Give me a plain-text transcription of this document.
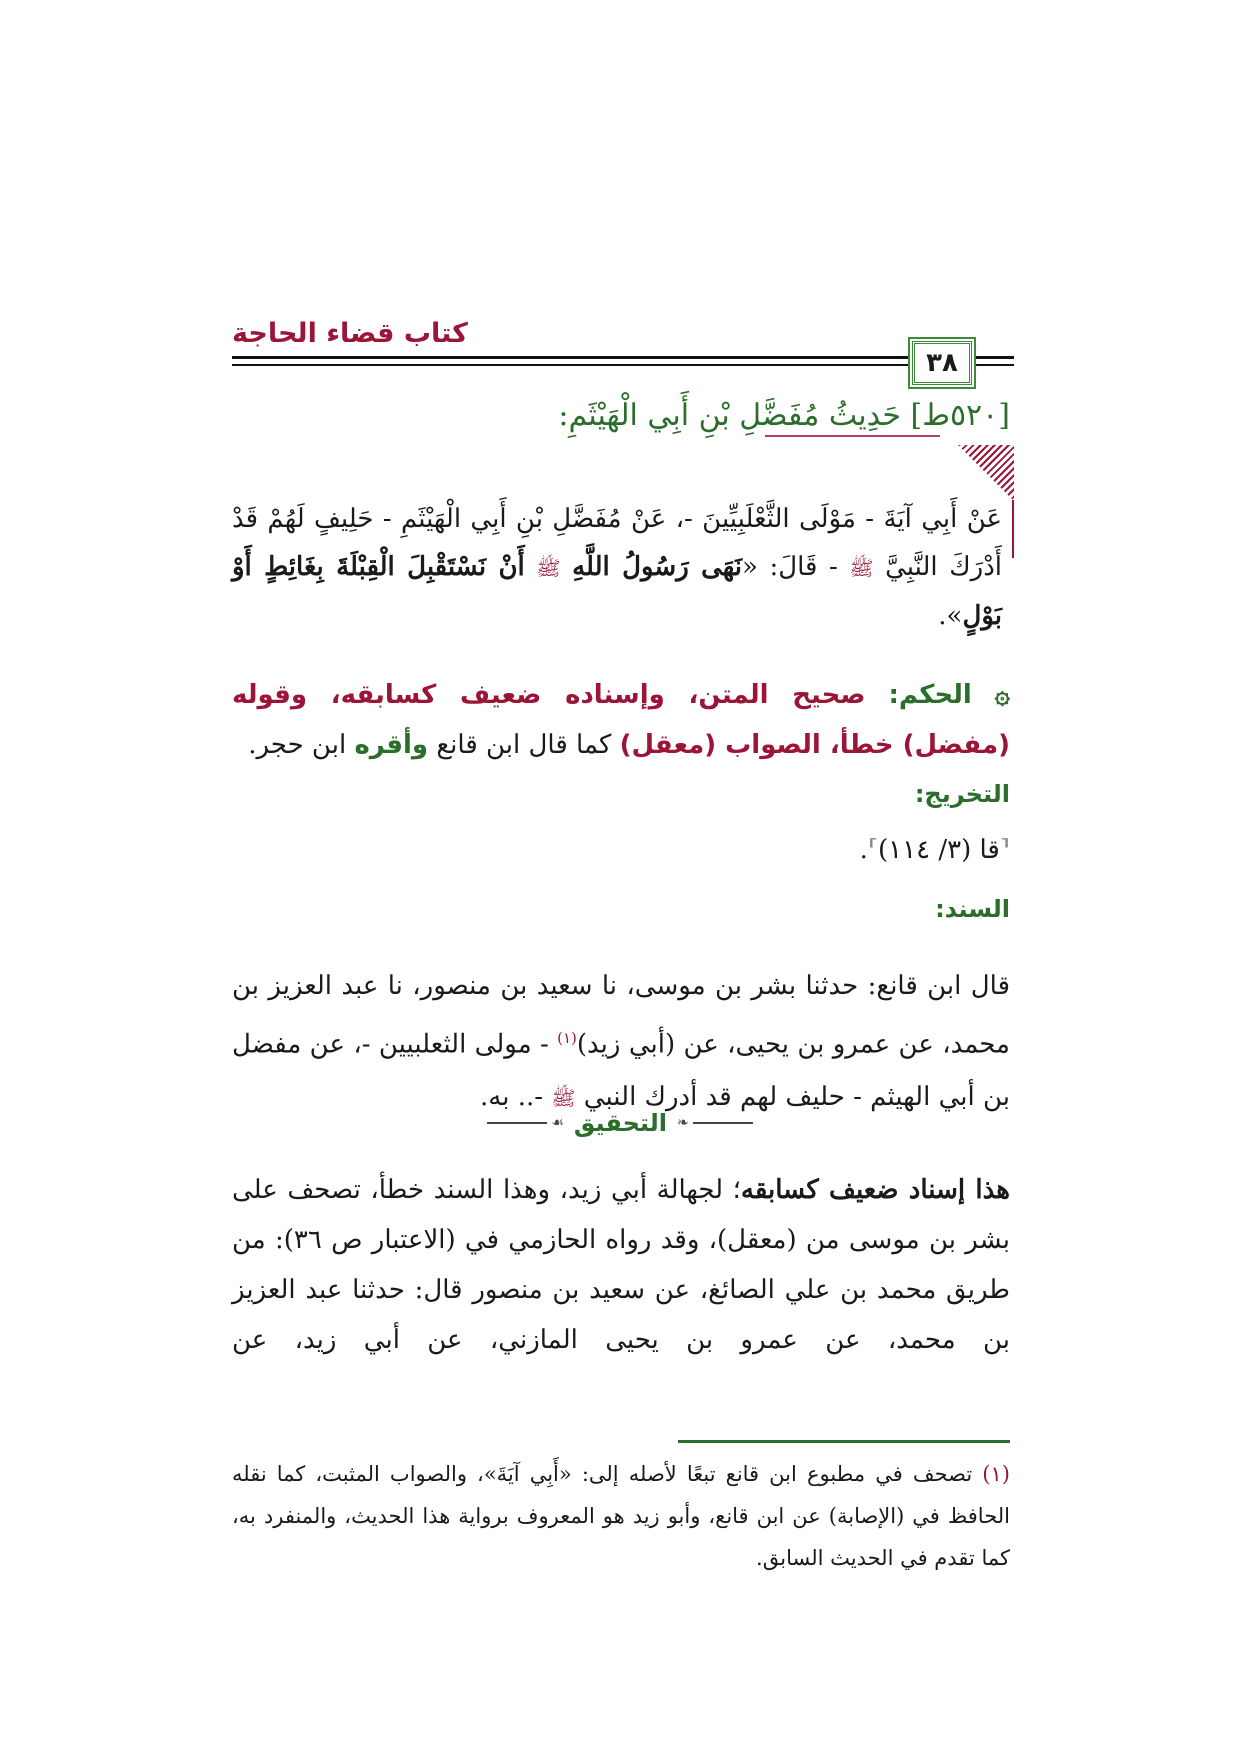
كتاب قضاء الحاجة
٣٨
[٥٢٠ط] حَدِيثُ مُفَضَّلِ بْنِ أَبِي الْهَيْثَمِ:
عَنْ أَبِي آيَةَ - مَوْلَى الثَّعْلَبِيِّينَ -، عَنْ مُفَضَّلِ بْنِ أَبِي الْهَيْثَمِ - حَلِيفٍ لَهُمْ قَدْ أَدْرَكَ النَّبِيَّ ﷺ - قَالَ: «نَهَى رَسُولُ اللَّهِ ﷺ أَنْ نَسْتَقْبِلَ الْقِبْلَةَ بِغَائِطٍ أَوْ بَوْلٍ».
۞ الحكم: صحيح المتن، وإسناده ضعيف كسابقه، وقوله (مفضل) خطأ، الصواب (معقل) كما قال ابن قانع وأقره ابن حجر.
التخريج:
⸢قا (٣/ ١١٤)⸣.
السند:
قال ابن قانع: حدثنا بشر بن موسى، نا سعيد بن منصور، نا عبد العزيز بن محمد، عن عمرو بن يحيى، عن (أبي زيد)$^{(١)}$ - مولى الثعلبيين -، عن مفضل بن أبي الهيثم - حليف لهم قد أدرك النبي ﷺ -.. به.
❧
التحقيق
☙
هذا إسناد ضعيف كسابقه؛ لجهالة أبي زيد، وهذا السند خطأ، تصحف على بشر بن موسى من (معقل)، وقد رواه الحازمي في (الاعتبار ص ٣٦): من طريق محمد بن علي الصائغ، عن سعيد بن منصور قال: حدثنا عبد العزيز بن محمد، عن عمرو بن يحيى المازني، عن أبي زيد، عن
(١) تصحف في مطبوع ابن قانع تبعًا لأصله إلى: «أَبِي آيَةَ»، والصواب المثبت، كما نقله الحافظ في (الإصابة) عن ابن قانع، وأبو زيد هو المعروف برواية هذا الحديث، والمنفرد به، كما تقدم في الحديث السابق.
